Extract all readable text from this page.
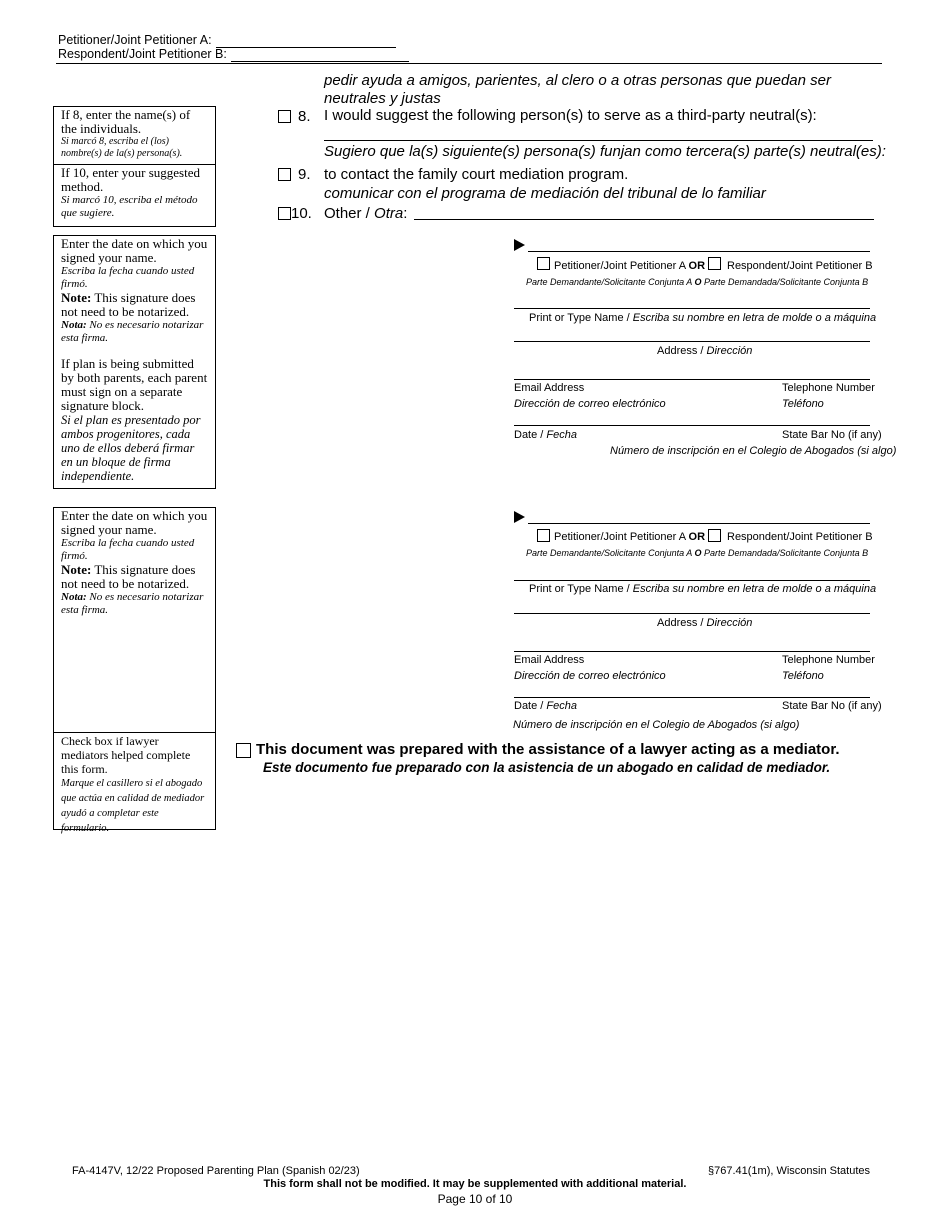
Petitioner/Joint Petitioner A:
Respondent/Joint Petitioner B:
pedir ayuda a amigos, parientes, al clero o a otras personas que puedan ser neutrales y justas
If 8, enter the name(s) of the individuals.
Si marcó 8, escriba el (los) nombre(s) de la(s) persona(s).
If 10, enter your suggested method.
Si marcó 10, escriba el método que sugiere.

Enter the date on which you signed your name.

Escriba la fecha cuando usted firmó.

Note: This signature does not need to be notarized.

Nota: No es necesario notarizar esta firma.

If plan is being submitted by both parents, each parent must sign on a separate signature block.

Si el plan es presentado por ambos progenitores, cada uno de ellos deberá firmar en un bloque de firma independiente.

Enter the date on which you signed your name.

Escriba la fecha cuando usted firmó.

Note: This signature does not need to be notarized.

Nota: No es necesario notarizar esta firma.

Check box if lawyer mediators helped complete this form.

Marque el casillero si el abogado que actúa en calidad de mediador ayudó a completar este formulario.
8. I would suggest the following person(s) to serve as a third-party neutral(s):
Sugiero que la(s) siguiente(s) persona(s) funjan como tercera(s) parte(s) neutral(es):
9. to contact the family court mediation program.
comunicar con el programa de mediación del tribunal de lo familiar
10. Other / Otra:
Petitioner/Joint Petitioner A OR Respondent/Joint Petitioner B
Parte Demandante/Solicitante Conjunta A O Parte Demandada/Solicitante Conjunta B
Print or Type Name / Escriba su nombre en letra de molde o a máquina
Address / Dirección
Email Address	Telephone Number
Dirección de correo electrónico	Teléfono
Date / Fecha	State Bar No (if any)
Número de inscripción en el Colegio de Abogados (si algo)
Petitioner/Joint Petitioner A OR Respondent/Joint Petitioner B
Parte Demandante/Solicitante Conjunta A O Parte Demandada/Solicitante Conjunta B
Print or Type Name / Escriba su nombre en letra de molde o a máquina
Address / Dirección
Email Address	Telephone Number
Dirección de correo electrónico	Teléfono
Date / Fecha	State Bar No (if any)
Número de inscripción en el Colegio de Abogados (si algo)
This document was prepared with the assistance of a lawyer acting as a mediator.
Este documento fue preparado con la asistencia de un abogado en calidad de mediador.
FA-4147V, 12/22 Proposed Parenting Plan (Spanish 02/23)	§767.41(1m), Wisconsin Statutes
This form shall not be modified. It may be supplemented with additional material.
Page 10 of 10
